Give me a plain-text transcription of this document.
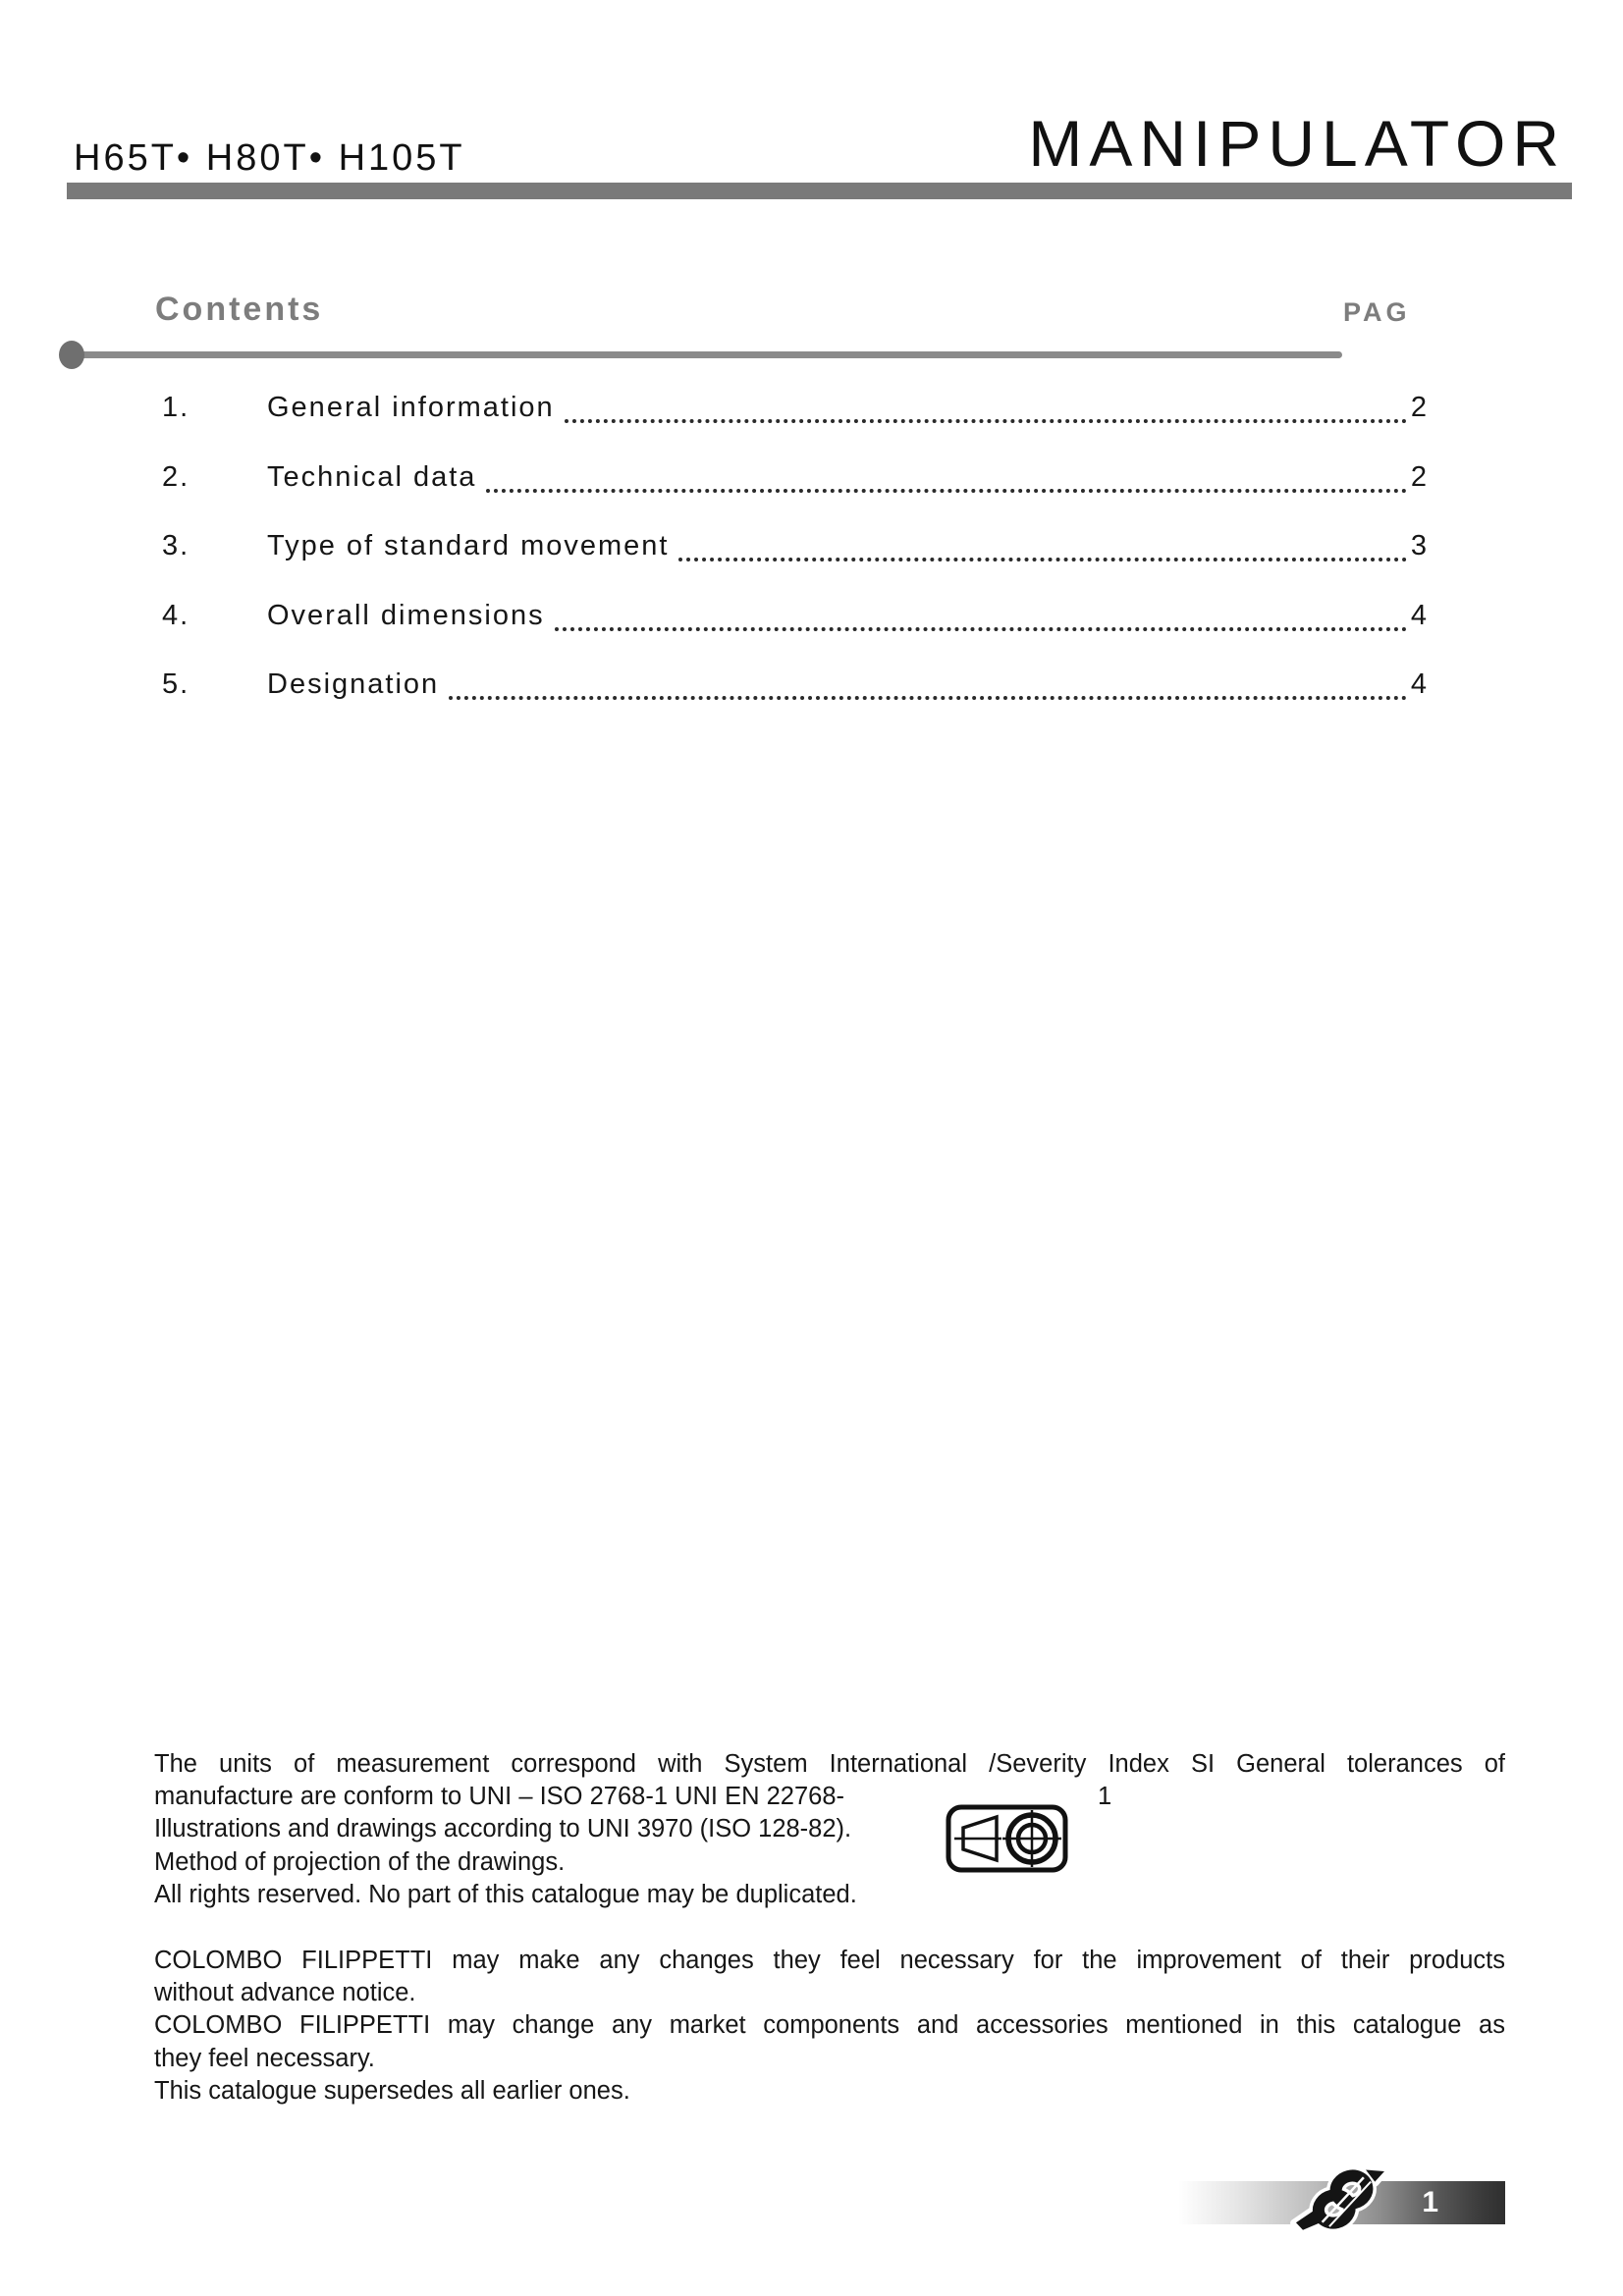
H65T• H80T• H105T	MANIPULATOR
Contents	PAG
1.	General information	2
2.	Technical data	2
3.	Type of standard movement	3
4.	Overall dimensions	4
5.	Designation	4
The units of measurement correspond with System International /Severity Index SI General tolerances of
manufacture are conform to UNI – ISO 2768-1 UNI EN 22768-	1
Illustrations and drawings according to UNI 3970 (ISO 128-82).
Method of projection of the drawings.
All rights reserved. No part of this catalogue may be duplicated.
COLOMBO FILIPPETTI may make any changes they feel necessary for the improvement of their products
without advance notice.
COLOMBO FILIPPETTI may change any market components and accessories mentioned in this catalogue as
they feel necessary.
This catalogue supersedes all earlier ones.
1
